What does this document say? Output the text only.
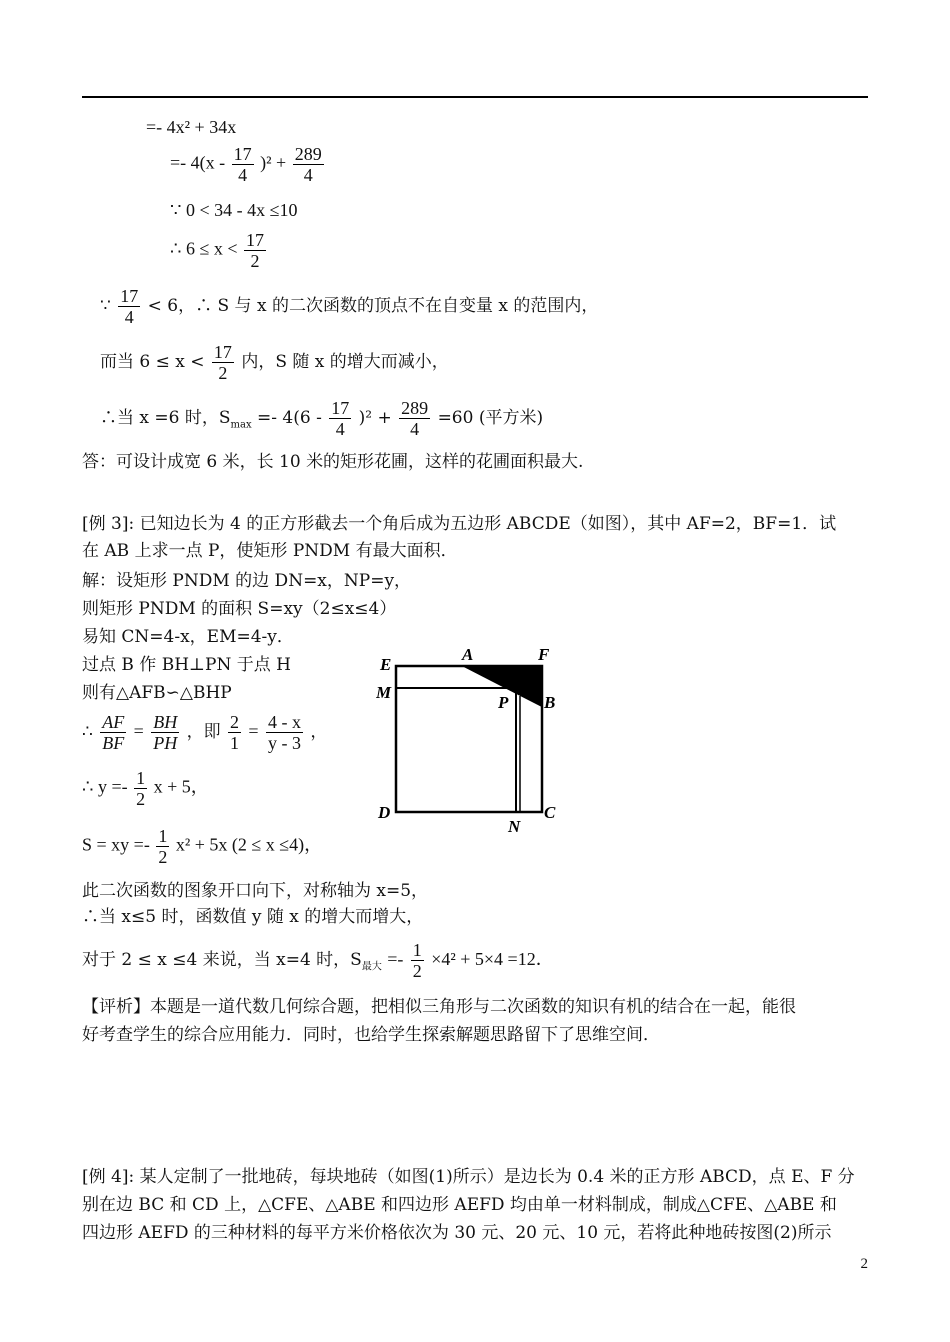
=- 4x² + 34x
=- $4(x - \frac{17}{4} )^2 + \frac{289}{4}$
∵ 0 < 34 - 4x ≤10
∴ $6 \le x < \frac{17}{2}$
∵ $\frac{17}{4} < 6$，∴ S 与 x 的二次函数的顶点不在自变量 x 的范围内，
而当 $6 \le x < \frac{17}{2}$ 内，S 随 x 的增大而减小，
∴当 x =6 时，$S_{max} =- 4(6 - \frac{17}{4} )^2 + \frac{289}{4} =60$ (平方米)
答：可设计成宽 6 米，长 10 米的矩形花圃，这样的花圃面积最大.
[例 3]: 已知边长为 4 的正方形截去一个角后成为五边形 ABCDE（如图），其中 AF=2，BF=1．试
在 AB 上求一点 P，使矩形 PNDM 有最大面积．
解：设矩形 PNDM 的边 DN=x，NP=y，
则矩形 PNDM 的面积 S=xy（2≤x≤4）
易知 CN=4-x，EM=4-y．
过点 B 作 BH⊥PN 于点 H
则有△AFB∽△BHP
∴ $\frac{AF}{BF} = \frac{BH}{PH}$ ，即 $\frac{2}{1} = \frac{4 - x}{y - 3}$ ，
∴ $y =- \frac{1}{2}$ x + 5，
S = xy =- $\frac{1}{2} x^2 + 5x$ (2 ≤ x ≤4)，
此二次函数的图象开口向下，对称轴为 x=5，
∴当 x≤5 时，函数值 y 随 x 的增大而增大，
对于 2 ≤ x ≤4 来说，当 x=4 时，$S_{最大} =- \frac{1}{2} \times 4^2 + 5\times 4 =12$．
【评析】本题是一道代数几何综合题，把相似三角形与二次函数的知识有机的结合在一起，能很
好考查学生的综合应用能力．同时，也给学生探索解题思路留下了思维空间．
E
A	F
M
P B
D
N
C
[例 4]: 某人定制了一批地砖，每块地砖（如图(1)所示）是边长为 0.4 米的正方形 ABCD，点 E、F 分
别在边 BC 和 CD 上，△CFE、△ABE 和四边形 AEFD 均由单一材料制成，制成△CFE、△ABE 和
四边形 AEFD 的三种材料的每平方米价格依次为 30 元、20 元、10 元，若将此种地砖按图(2)所示
2
